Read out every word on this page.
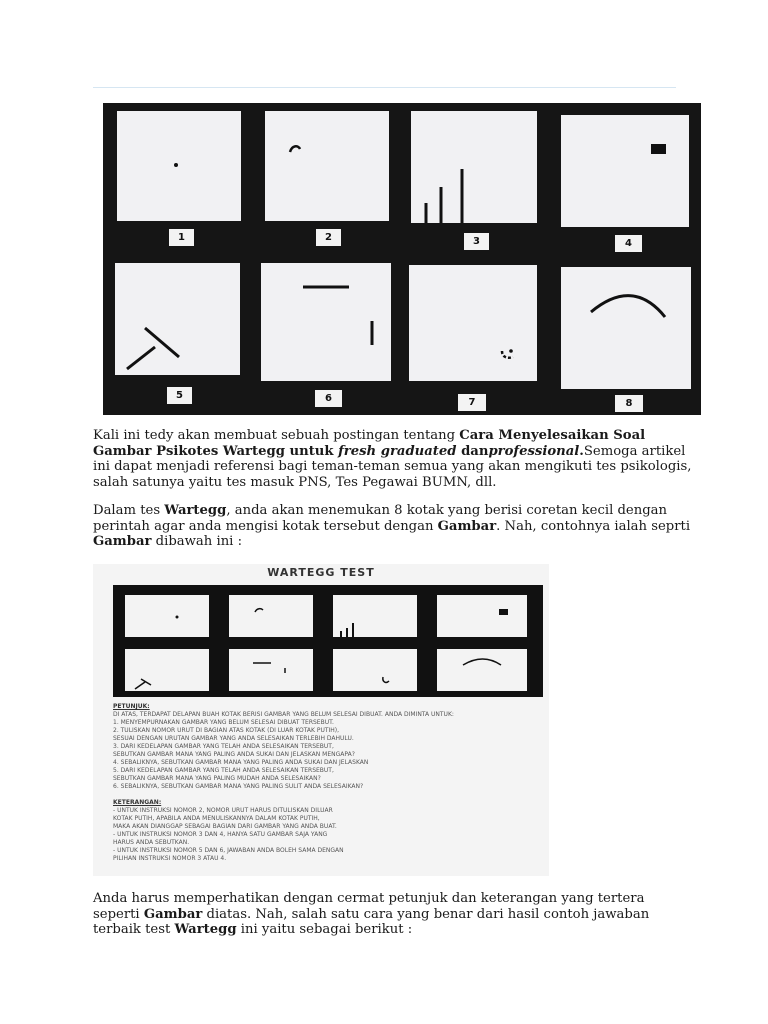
1	2	3	4
5	6	7	8

Kali ini tedy akan membuat sebuah postingan tentang Cara Menyelesaikan Soal Gambar Psikotes Wartegg untuk fresh graduated danprofessional.Semoga artikel ini dapat menjadi referensi bagi teman-teman semua yang akan mengikuti tes psikologis, salah satunya yaitu tes masuk PNS, Tes Pegawai BUMN, dll.

Dalam tes Wartegg, anda akan menemukan 8 kotak yang berisi coretan kecil dengan perintah agar anda mengisi kotak tersebut dengan Gambar. Nah, contohnya ialah seprti Gambar dibawah ini :

WARTEGG TEST
PETUNJUK:
DI ATAS, TERDAPAT DELAPAN BUAH KOTAK BERISI GAMBAR YANG BELUM SELESAI DIBUAT. ANDA DIMINTA UNTUK:
1. MENYEMPURNAKAN GAMBAR YANG BELUM SELESAI DIBUAT TERSEBUT.
2. TULISKAN NOMOR URUT DI BAGIAN ATAS KOTAK (DI LUAR KOTAK PUTIH),
SESUAI DENGAN URUTAN GAMBAR YANG ANDA SELESAIKAN TERLEBIH DAHULU.
3. DARI KEDELAPAN GAMBAR YANG TELAH ANDA SELESAIKAN TERSEBUT,
SEBUTKAN GAMBAR MANA YANG PALING ANDA SUKAI DAN JELASKAN MENGAPA?
4. SEBALIKNYA, SEBUTKAN GAMBAR MANA YANG PALING ANDA SUKAI DAN JELASKAN
5. DARI KEDELAPAN GAMBAR YANG TELAH ANDA SELESAIKAN TERSEBUT,
SEBUTKAN GAMBAR MANA YANG PALING MUDAH ANDA SELESAIKAN?
6. SEBALIKNYA, SEBUTKAN GAMBAR MANA YANG PALING SULIT ANDA SELESAIKAN?
KETERANGAN:
- UNTUK INSTRUKSI NOMOR 2, NOMOR URUT HARUS DITULISKAN DILUAR
KOTAK PUTIH, APABILA ANDA MENULISKANNYA DALAM KOTAK PUTIH,
MAKA AKAN DIANGGAP SEBAGAI BAGIAN DARI GAMBAR YANG ANDA BUAT.
- UNTUK INSTRUKSI NOMOR 3 DAN 4, HANYA SATU GAMBAR SAJA YANG
HARUS ANDA SEBUTKAN.
- UNTUK INSTRUKSI NOMOR 5 DAN 6, JAWABAN ANDA BOLEH SAMA DENGAN
PILIHAN INSTRUKSI NOMOR 3 ATAU 4.

Anda harus memperhatikan dengan cermat petunjuk dan keterangan yang tertera seperti Gambar diatas. Nah, salah satu cara yang benar dari hasil contoh jawaban terbaik test Wartegg ini yaitu sebagai berikut :
